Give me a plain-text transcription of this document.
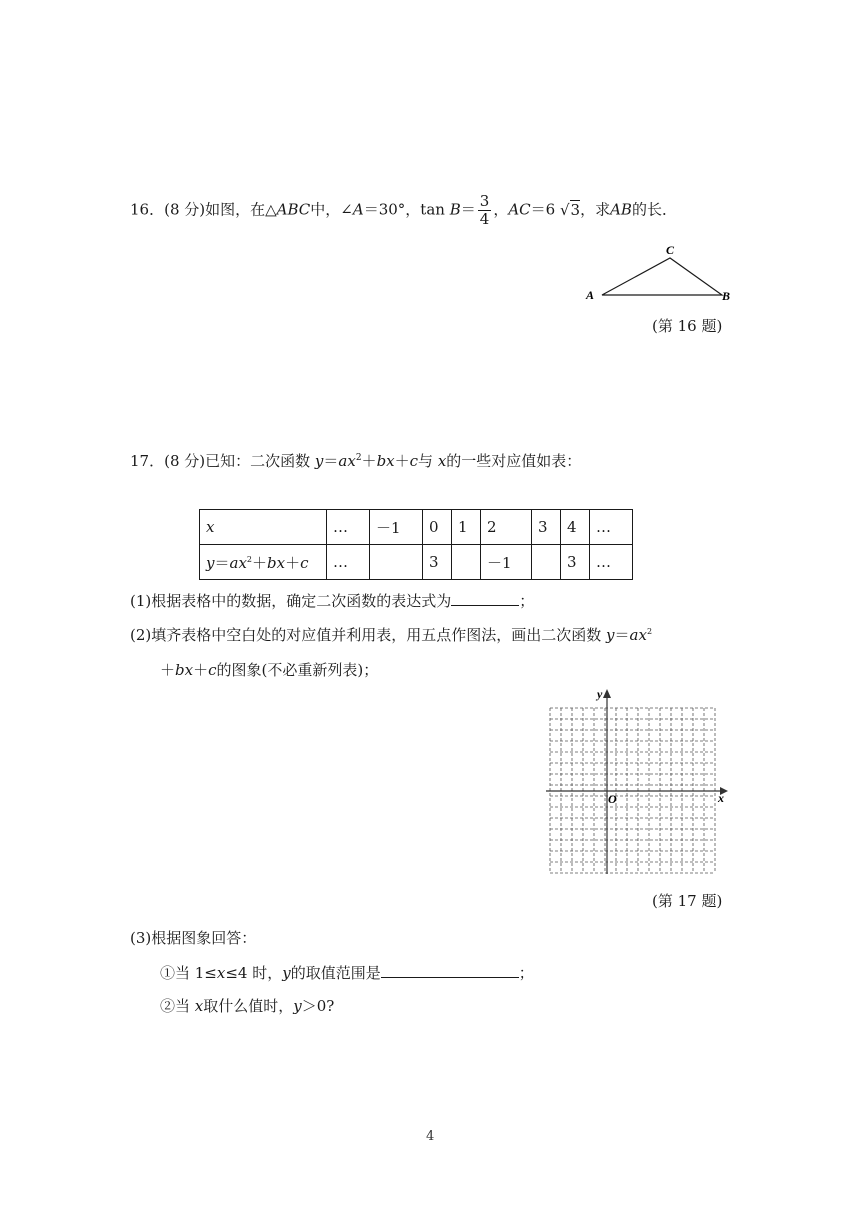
16．(8 分)如图，在△ABC中，∠A＝30°，$\tan B= \frac{3}{4}$ ，AC＝6 √3，求AB的长．
A	B
C
(第 16 题)
17．(8 分)已知：二次函数 $y=ax^2+bx+c$与 x的一些对应值如表：
x	…	－1	0	1	2	3	4	…
$y=ax^2+bx+c$	…		3		－1		3	…
(1)根据表格中的数据，确定二次函数的表达式为	；
(2)填齐表格中空白处的对应值并利用表，用五点作图法，画出二次函数 $y=ax^2$
＋bx＋c的图象(不必重新列表)；
x
y
O
(第 17 题)
(3)根据图象回答：
①当 1≤x≤4 时，y的取值范围是	；
②当 x取什么值时，y＞0?
4
